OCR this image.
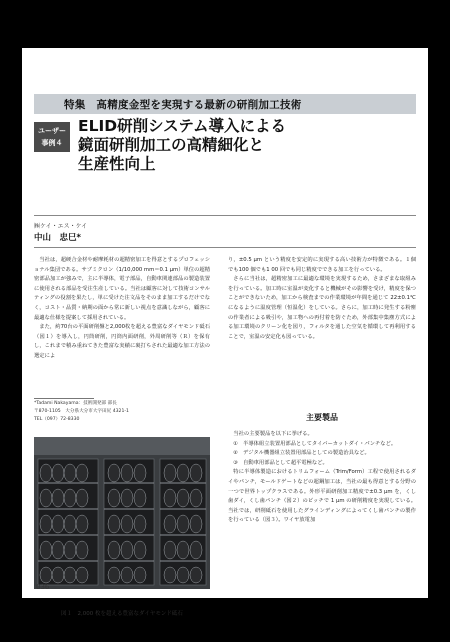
特集　高精度金型を実現する最新の研削加工技術
ユーザー
事例４
ELID研削システム導入による
鏡面研削加工の高精細化と
生産性向上
㈱ケイ・エス・ケイ
中山　忠巳*

当社は，超硬合金材や耐摩耗材の超精密加工を得意とするプロフェッショナル集団である。サブミクロン（1/10,000 mm＝0.1 μm）単位の超精密部品加工が強みで，主に半導体，電子部品，自動車関連部品の製造装置に使用される部品を受注生産している。当社は顧客に対して技術コンサルティングの役割を果たし，単に受けた注文品をそのまま加工するだけでなく，コスト・品質・納期の面から常に新しい視点を意識しながら，顧客に最適な仕様を提案して採用されている。

また，約70台の平面研削盤と2,000枚を超える豊富なダイヤモンド砥石（図１）を導入し，円筒研削，円筒内面研削，外周研削等（Ｒ）を保有し，これまで積み重ねてきた豊富な実績に裏打ちされた最適な加工方法の選定によ

*Tadami Nakayama：技術開発部 部長
〒870-1105　大分県大分市大字田尻 4321-1
TEL（097）72-8330
図１　2,000 枚を超える豊富なダイヤモンド砥石

り，±0.5 μm という精度を安定的に実現する高い技術力が特徴である。１個でも100 個でも1 00 回でも同じ精度でできる加工を行っている。

さらに当社は，超精密加工に最適な環境を実現するため，さまざまな取組みを行っている。加工時に室温が変化すると機械がその影響を受け，精度を保つことができないため，加工から検査までの作業環境が年間を通じて 22±0.1℃ になるように温度管理（恒温化）をしている。さらに，加工時に発生する粉塵の作業者による吸引や，加工物への再付着を防ぐため，外部集中集塵方式による加工環境のクリーン化を図り，フィルタを通した空気を循環して再利用することで，室温の安定化も図っている。

主要製品

当社の主要製品を以下に挙げる。

①　半導体組立装置用部品としてタイバーカットダイ・パンチなど。

②　デジタル機器組立装置用部品としての製造治具など。

③　自動車用部品として超平電極など。

特に半導体製造におけるトリムフォーム（Trim/Form）工程で使用されるダイやパンチ，モールドゲートなどの超鋼加工は，当社の最も得意とする分野の一つで世界トップクラスである。外形平面研削加工精度で±0.3 μm を，くし歯ダイ，くし歯パンチ（図２）のピッチで 1 μm の研削精度を実現している。当社では，研削砥石を使用したグラインディングによってくし歯パンチの製作を行っている（図３）。ワイヤ放電加

036
